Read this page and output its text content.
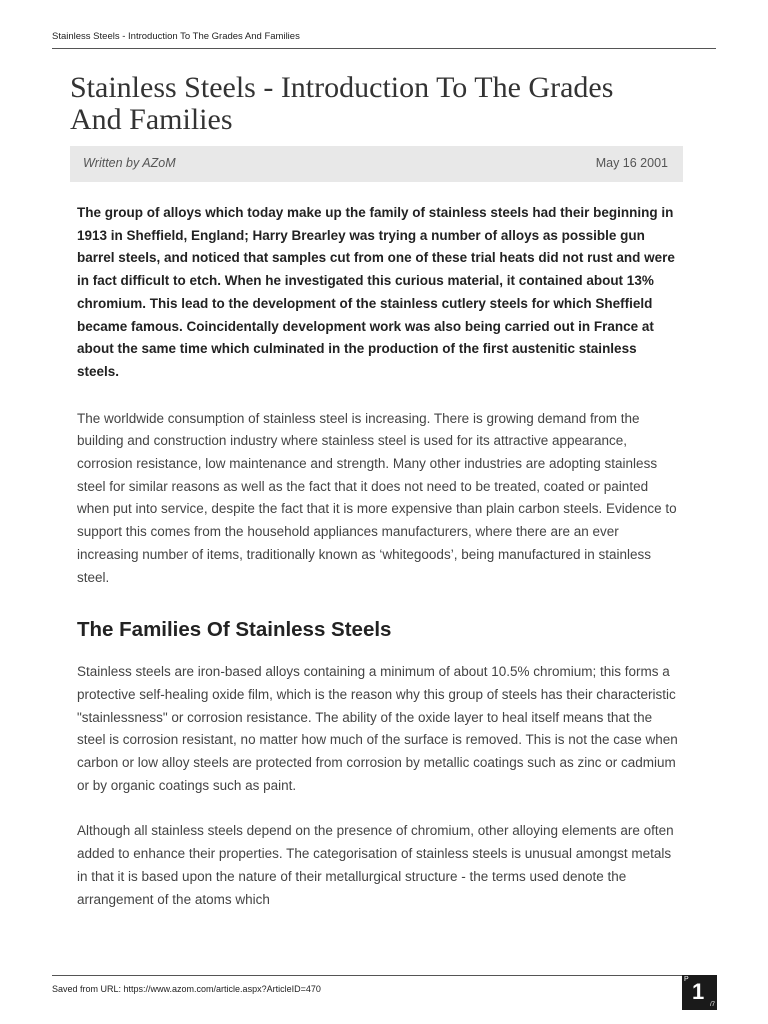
Stainless Steels - Introduction To The Grades And Families
Stainless Steels - Introduction To The Grades And Families
Written by AZoM	May 16 2001

The group of alloys which today make up the family of stainless steels had their beginning in 1913 in Sheffield, England; Harry Brearley was trying a number of alloys as possible gun barrel steels, and noticed that samples cut from one of these trial heats did not rust and were in fact difficult to etch. When he investigated this curious material, it contained about 13% chromium. This lead to the development of the stainless cutlery steels for which Sheffield became famous. Coincidentally development work was also being carried out in France at about the same time which culminated in the production of the first austenitic stainless steels.

The worldwide consumption of stainless steel is increasing. There is growing demand from the building and construction industry where stainless steel is used for its attractive appearance, corrosion resistance, low maintenance and strength. Many other industries are adopting stainless steel for similar reasons as well as the fact that it does not need to be treated, coated or painted when put into service, despite the fact that it is more expensive than plain carbon steels. Evidence to support this comes from the household appliances manufacturers, where there are an ever increasing number of items, traditionally known as ‘whitegoods’, being manufactured in stainless steel.

The Families Of Stainless Steels

Stainless steels are iron-based alloys containing a minimum of about 10.5% chromium; this forms a protective self-healing oxide film, which is the reason why this group of steels has their characteristic "stainlessness" or corrosion resistance. The ability of the oxide layer to heal itself means that the steel is corrosion resistant, no matter how much of the surface is removed. This is not the case when carbon or low alloy steels are protected from corrosion by metallic coatings such as zinc or cadmium or by organic coatings such as paint.

Although all stainless steels depend on the presence of chromium, other alloying elements are often added to enhance their properties. The categorisation of stainless steels is unusual amongst metals in that it is based upon the nature of their metallurgical structure - the terms used denote the arrangement of the atoms which

Saved from URL: https://www.azom.com/article.aspx?ArticleID=470
P 1
/7
